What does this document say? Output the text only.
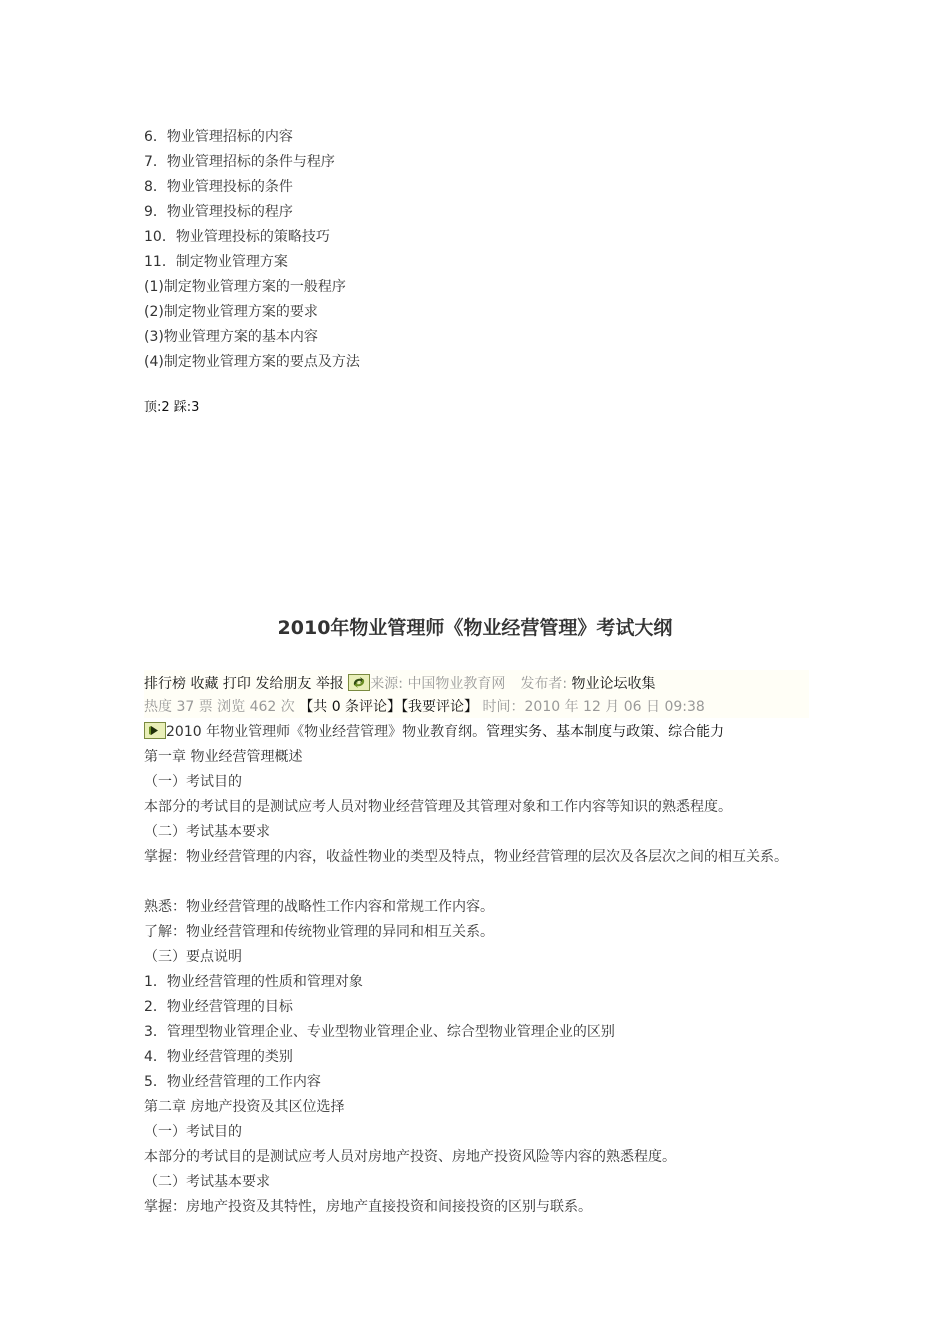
6．物业管理招标的内容
7．物业管理招标的条件与程序
8．物业管理投标的条件
9．物业管理投标的程序
10．物业管理投标的策略技巧
11．制定物业管理方案
(1)制定物业管理方案的一般程序
(2)制定物业管理方案的要求
(3)物业管理方案的基本内容
(4)制定物业管理方案的要点及方法
顶:2 踩:3
2010年物业管理师《物业经营管理》考试大纲
排行榜 收藏 打印 发给朋友 举报 来源: 中国物业教育网 发布者: 物业论坛收集
热度 37 票 浏览 462 次 【共 0 条评论】【我要评论】 时间：2010 年 12 月 06 日 09:38
2010 年物业管理师《物业经营管理》物业教育纲。管理实务、基本制度与政策、综合能力
第一章 物业经营管理概述
（一）考试目的
本部分的考试目的是测试应考人员对物业经营管理及其管理对象和工作内容等知识的熟悉程度。
（二）考试基本要求
掌握：物业经营管理的内容，收益性物业的类型及特点，物业经营管理的层次及各层次之间的相互关系。
熟悉：物业经营管理的战略性工作内容和常规工作内容。
了解：物业经营管理和传统物业管理的异同和相互关系。
（三）要点说明
1．物业经营管理的性质和管理对象
2．物业经营管理的目标
3．管理型物业管理企业、专业型物业管理企业、综合型物业管理企业的区别
4．物业经营管理的类别
5．物业经营管理的工作内容
第二章 房地产投资及其区位选择
（一）考试目的
本部分的考试目的是测试应考人员对房地产投资、房地产投资风险等内容的熟悉程度。
（二）考试基本要求
掌握：房地产投资及其特性，房地产直接投资和间接投资的区别与联系。
